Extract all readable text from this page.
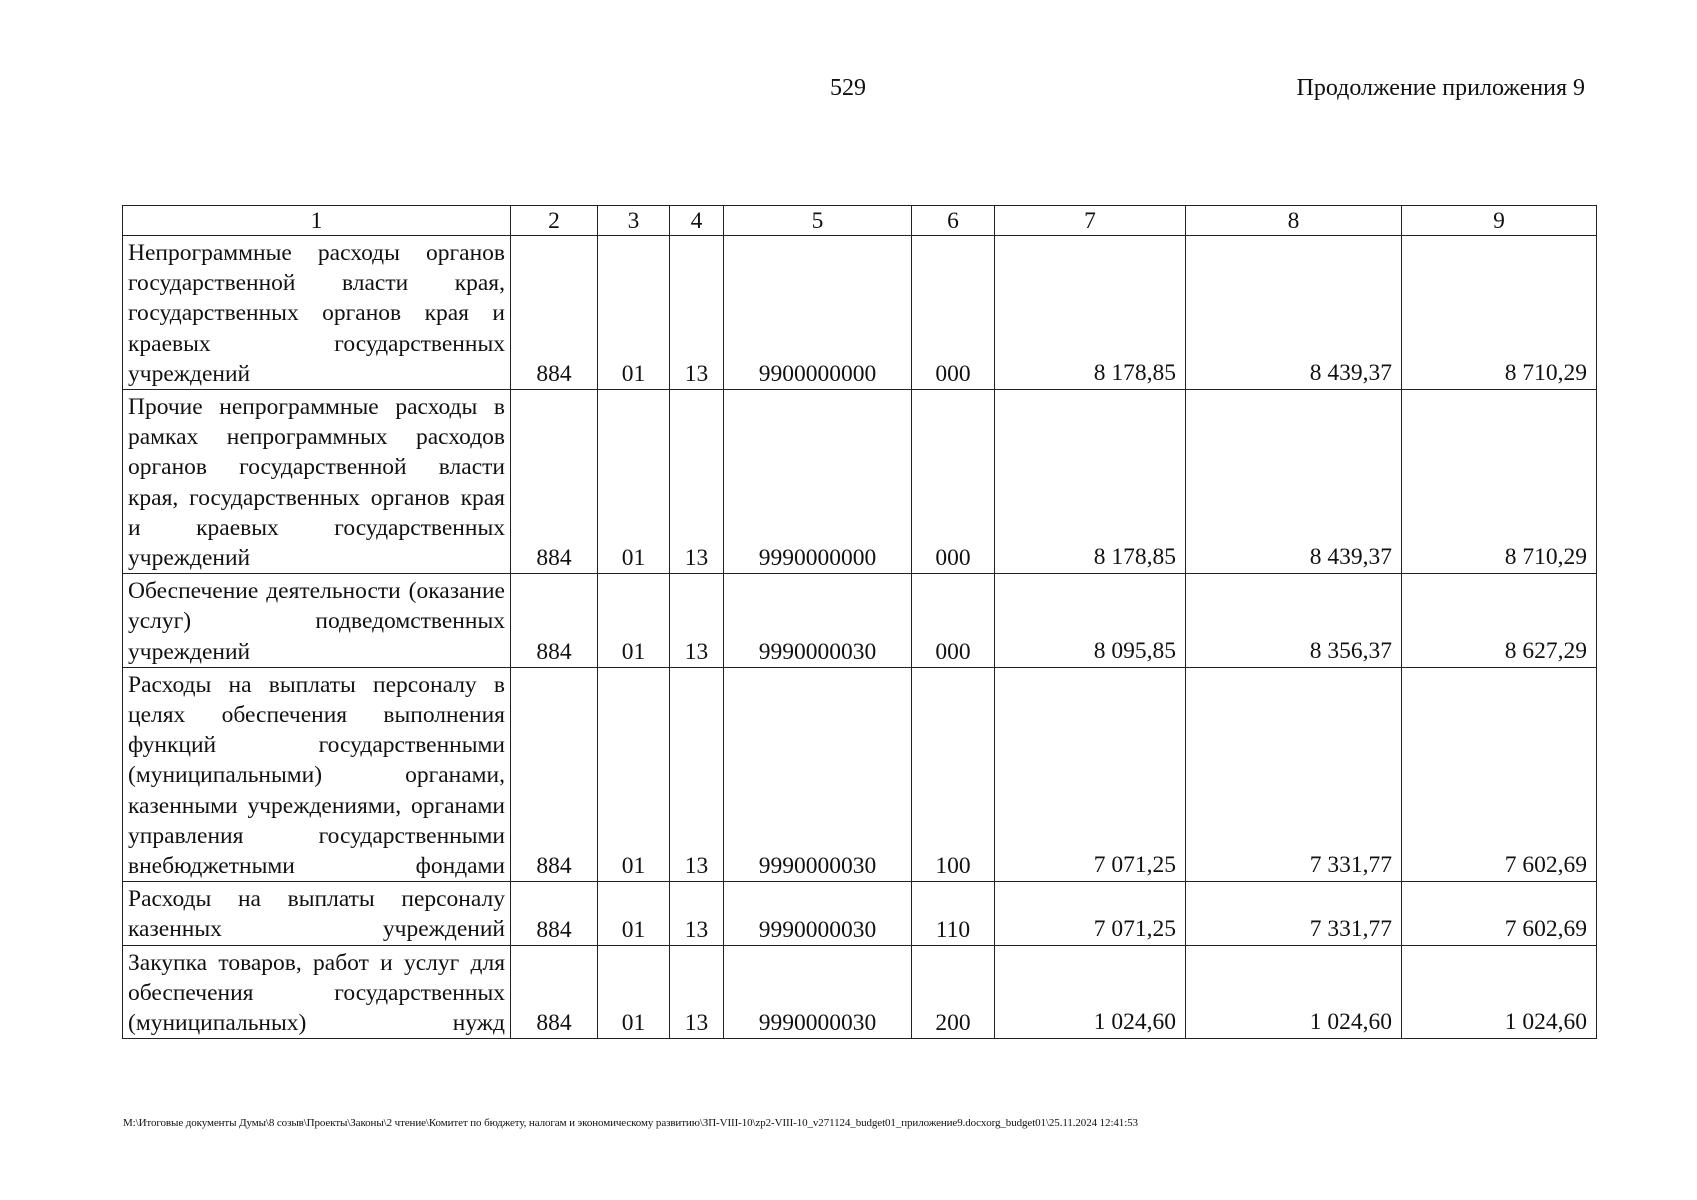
529	Продолжение приложения 9
1	2	3	4	5	6	7	8	9
Непрограммные расходы органов государственной власти края, государственных органов края и краевых государственных учреждений	884	01	13	9900000000	000	8 178,85	8 439,37	8 710,29
Прочие непрограммные расходы в рамках непрограммных расходов органов государственной власти края, государственных органов края и краевых государственных учреждений	884	01	13	9990000000	000	8 178,85	8 439,37	8 710,29
Обеспечение деятельности (оказание услуг) подведомственных учреждений	884	01	13	9990000030	000	8 095,85	8 356,37	8 627,29
Расходы на выплаты персоналу в целях обеспечения выполнения функций государственными (муниципальными) органами, казенными учреждениями, органами управления государственными внебюджетными фондами	884	01	13	9990000030	100	7 071,25	7 331,77	7 602,69
Расходы на выплаты персоналу казенных учреждений	884	01	13	9990000030	110	7 071,25	7 331,77	7 602,69
Закупка товаров, работ и услуг для обеспечения государственных (муниципальных) нужд	884	01	13	9990000030	200	1 024,60	1 024,60	1 024,60
M:\Итоговые документы Думы\8 созыв\Проекты\Законы\2 чтение\Комитет по бюджету, налогам и экономическому развитию\ЗП-VIII-10\zp2-VIII-10_v271124_budget01_приложение9.docxorg_budget01\25.11.2024 12:41:53
